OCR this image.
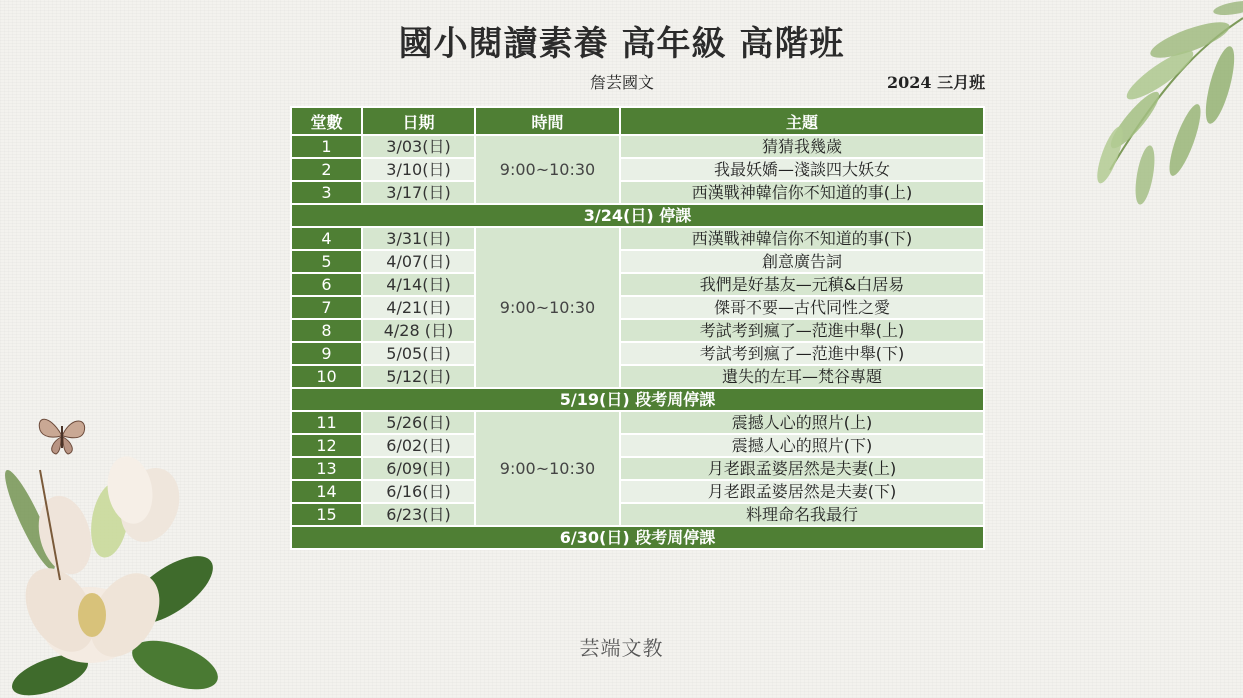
國小閱讀素養 高年級 高階班
詹芸國文	2024 三月班
堂數	日期	時間	主題
1	3/03(日)	9:00~10:30	猜猜我幾歲
2	3/10(日)		我最妖嬌—淺談四大妖女
3	3/17(日)		西漢戰神韓信你不知道的事(上)
3/24(日) 停課			
4	3/31(日)	9:00~10:30	西漢戰神韓信你不知道的事(下)
5	4/07(日)		創意廣告詞
6	4/14(日)		我們是好基友—元稹&白居易
7	4/21(日)		傑哥不要—古代同性之愛
8	4/28 (日)		考試考到瘋了—范進中舉(上)
9	5/05(日)		考試考到瘋了—范進中舉(下)
10	5/12(日)		遺失的左耳—梵谷專題
5/19(日) 段考周停課			
11	5/26(日)	9:00~10:30	震撼人心的照片(上)
12	6/02(日)		震撼人心的照片(下)
13	6/09(日)		月老跟孟婆居然是夫妻(上)
14	6/16(日)		月老跟孟婆居然是夫妻(下)
15	6/23(日)		料理命名我最行
6/30(日) 段考周停課			
芸端文教
